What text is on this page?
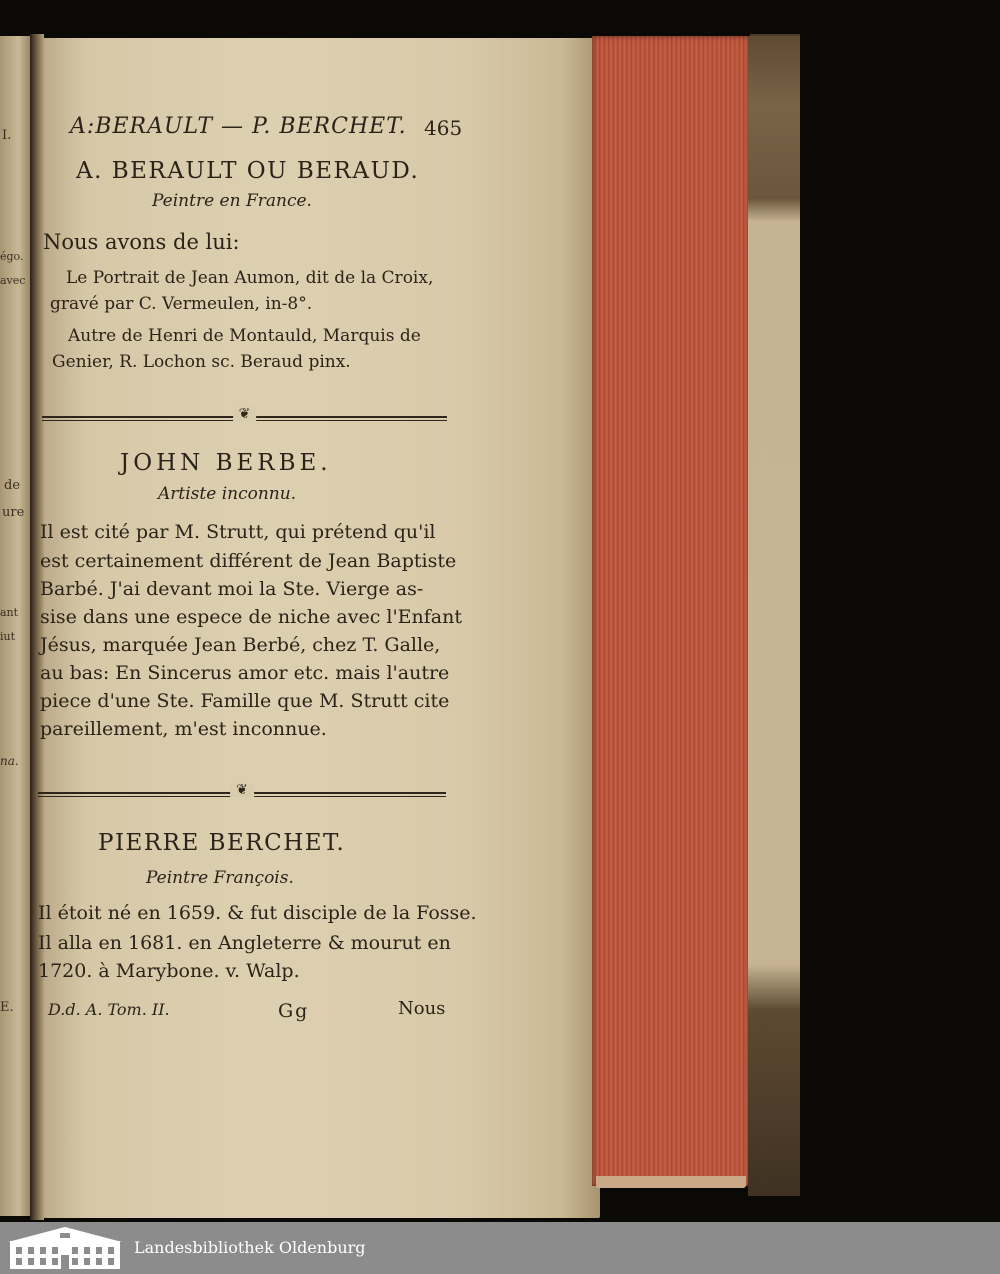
I.
égo.
avec
de
ure
ant
iut
na.
E.
A:BERAULT — P. BERCHET. 465
A. BERAULT OU BERAUD.
Peintre en France.
Nous avons de lui:
Le Portrait de Jean Aumon, dit de la Croix,
gravé par C. Vermeulen, in-8°.
Autre de Henri de Montauld, Marquis de
Genier, R. Lochon sc. Beraud pinx.
❦
JOHN BERBE.
Artiste inconnu.
Il est cité par M. Strutt, qui prétend qu'il
est certainement différent de Jean Baptiste
Barbé. J'ai devant moi la Ste. Vierge as-
sise dans une espece de niche avec l'Enfant
Jésus, marquée Jean Berbé, chez T. Galle,
au bas: En Sincerus amor etc. mais l'autre
piece d'une Ste. Famille que M. Strutt cite
pareillement, m'est inconnue.
❦
PIERRE BERCHET.
Peintre François.
Il étoit né en 1659. & fut disciple de la Fosse.
Il alla en 1681. en Angleterre & mourut en
1720. à Marybone. v. Walp.
D.d. A. Tom. II.	Gg	Nous
Landesbibliothek Oldenburg
